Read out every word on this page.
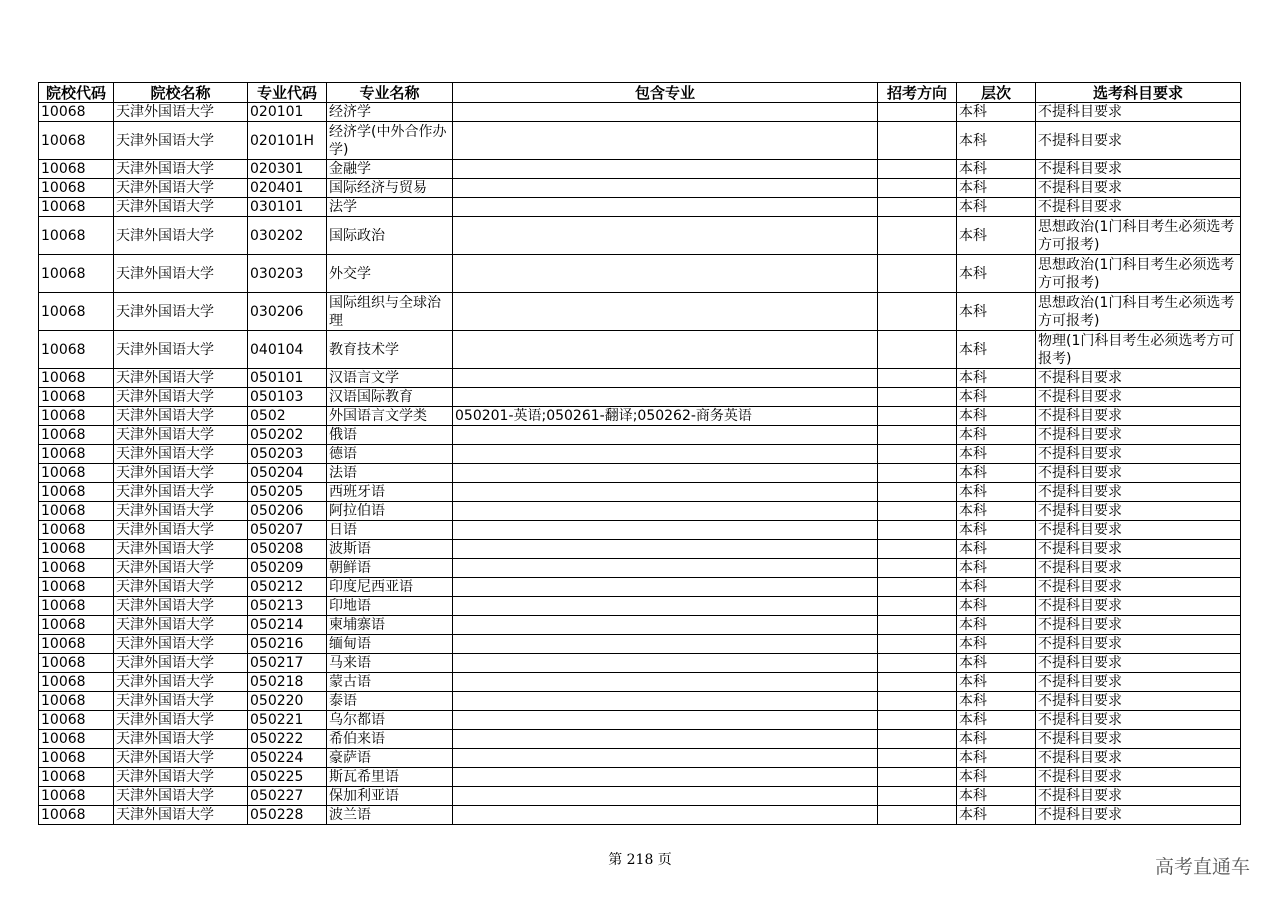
院校代码	院校名称	专业代码	专业名称	包含专业	招考方向	层次	选考科目要求
10068	天津外国语大学	020101	经济学			本科	不提科目要求
10068	天津外国语大学	020101H	经济学(中外合作办学)			本科	不提科目要求
10068	天津外国语大学	020301	金融学			本科	不提科目要求
10068	天津外国语大学	020401	国际经济与贸易			本科	不提科目要求
10068	天津外国语大学	030101	法学			本科	不提科目要求
10068	天津外国语大学	030202	国际政治			本科	思想政治(1门科目考生必须选考方可报考)
10068	天津外国语大学	030203	外交学			本科	思想政治(1门科目考生必须选考方可报考)
10068	天津外国语大学	030206	国际组织与全球治理			本科	思想政治(1门科目考生必须选考方可报考)
10068	天津外国语大学	040104	教育技术学			本科	物理(1门科目考生必须选考方可报考)
10068	天津外国语大学	050101	汉语言文学			本科	不提科目要求
10068	天津外国语大学	050103	汉语国际教育			本科	不提科目要求
10068	天津外国语大学	0502	外国语言文学类	050201-英语;050261-翻译;050262-商务英语		本科	不提科目要求
10068	天津外国语大学	050202	俄语			本科	不提科目要求
10068	天津外国语大学	050203	德语			本科	不提科目要求
10068	天津外国语大学	050204	法语			本科	不提科目要求
10068	天津外国语大学	050205	西班牙语			本科	不提科目要求
10068	天津外国语大学	050206	阿拉伯语			本科	不提科目要求
10068	天津外国语大学	050207	日语			本科	不提科目要求
10068	天津外国语大学	050208	波斯语			本科	不提科目要求
10068	天津外国语大学	050209	朝鲜语			本科	不提科目要求
10068	天津外国语大学	050212	印度尼西亚语			本科	不提科目要求
10068	天津外国语大学	050213	印地语			本科	不提科目要求
10068	天津外国语大学	050214	柬埔寨语			本科	不提科目要求
10068	天津外国语大学	050216	缅甸语			本科	不提科目要求
10068	天津外国语大学	050217	马来语			本科	不提科目要求
10068	天津外国语大学	050218	蒙古语			本科	不提科目要求
10068	天津外国语大学	050220	泰语			本科	不提科目要求
10068	天津外国语大学	050221	乌尔都语			本科	不提科目要求
10068	天津外国语大学	050222	希伯来语			本科	不提科目要求
10068	天津外国语大学	050224	豪萨语			本科	不提科目要求
10068	天津外国语大学	050225	斯瓦希里语			本科	不提科目要求
10068	天津外国语大学	050227	保加利亚语			本科	不提科目要求
10068	天津外国语大学	050228	波兰语			本科	不提科目要求
第 218 页	高考直通车
